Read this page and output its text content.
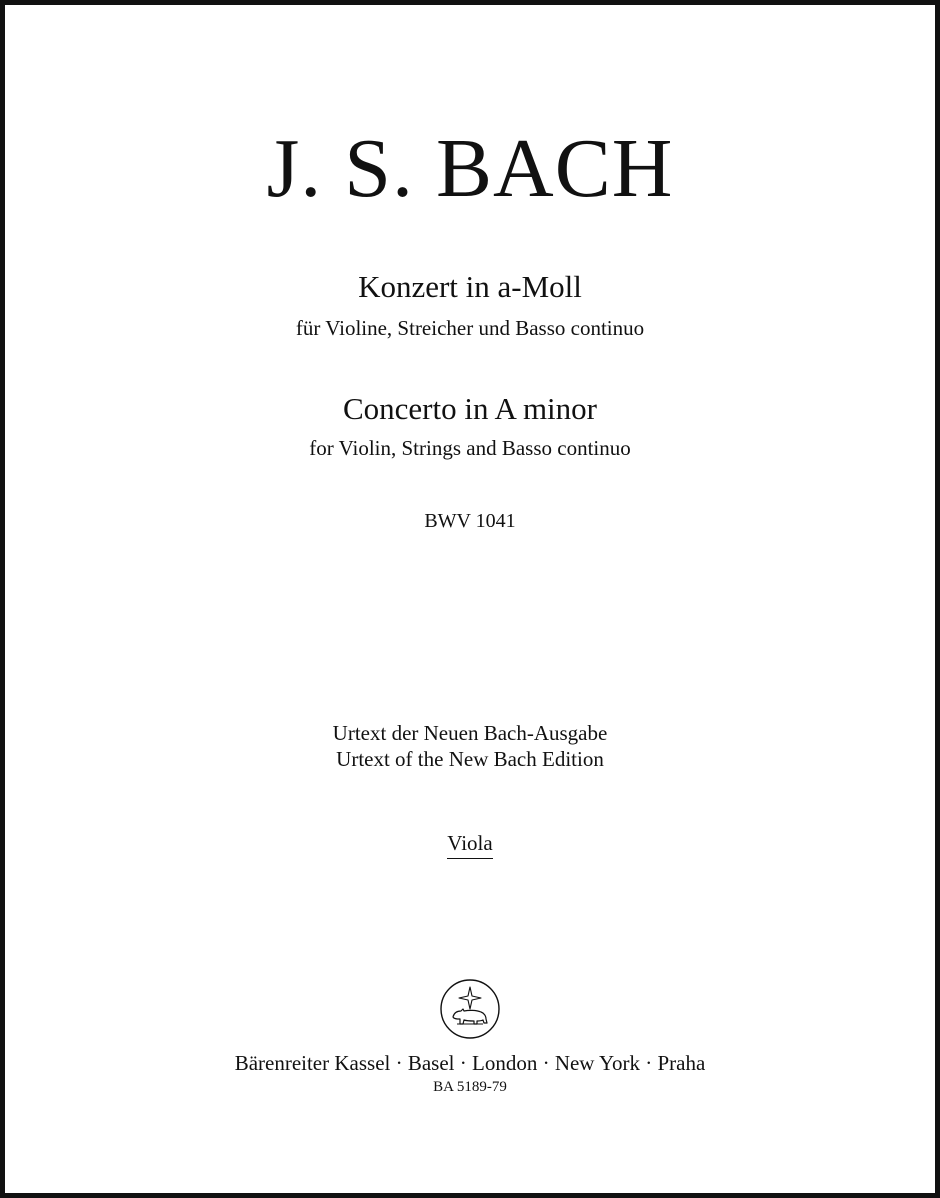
J. S. BACH
Konzert in a-Moll
für Violine, Streicher und Basso continuo
Concerto in A minor
for Violin, Strings and Basso continuo
BWV 1041
Urtext der Neuen Bach-Ausgabe
Urtext of the New Bach Edition
Viola
Bärenreiter Kassel · Basel · London · New York · Praha
BA 5189-79
